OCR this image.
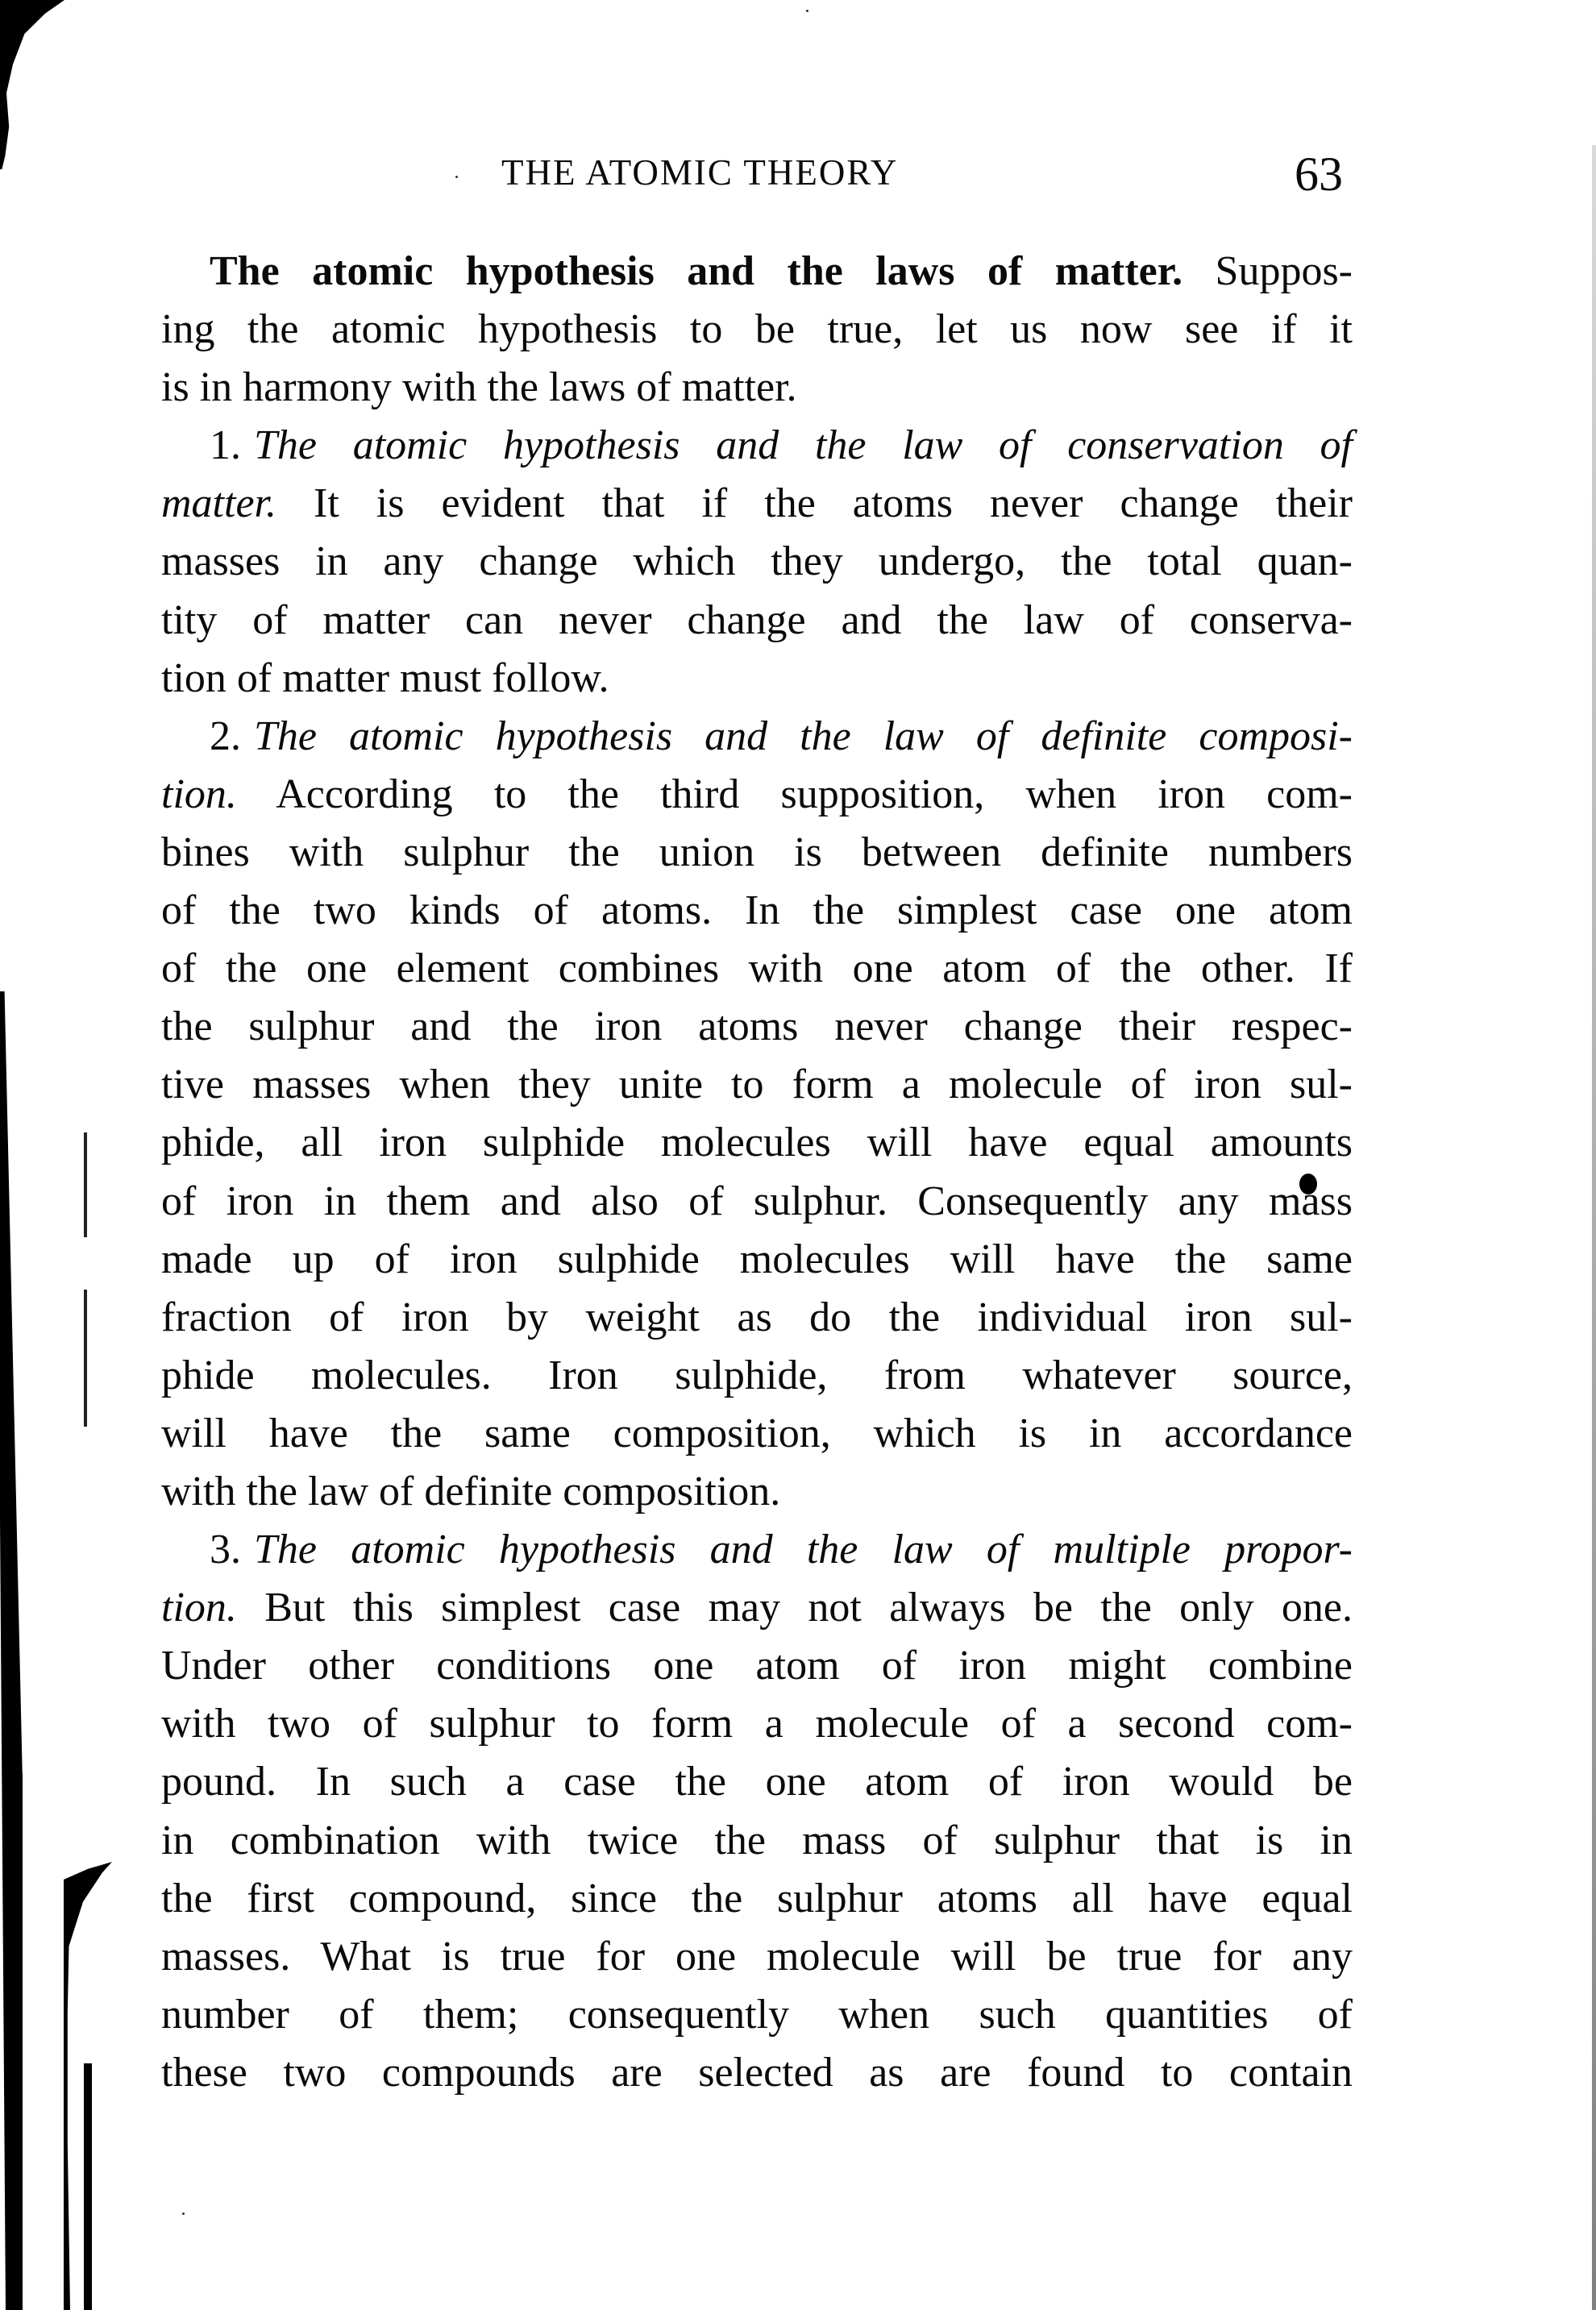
THE ATOMIC THEORY	63
The atomic hypothesis and the laws of matter. Suppos-
ing the atomic hypothesis to be true, let us now see if it
is in harmony with the laws of matter.
1. The atomic hypothesis and the law of conservation of
matter. It is evident that if the atoms never change their
masses in any change which they undergo, the total quan-
tity of matter can never change and the law of conserva-
tion of matter must follow.
2. The atomic hypothesis and the law of definite composi-
tion. According to the third supposition, when iron com-
bines with sulphur the union is between definite numbers
of the two kinds of atoms. In the simplest case one atom
of the one element combines with one atom of the other. If
the sulphur and the iron atoms never change their respec-
tive masses when they unite to form a molecule of iron sul-
phide, all iron sulphide molecules will have equal amounts
of iron in them and also of sulphur. Consequently any mass
made up of iron sulphide molecules will have the same
fraction of iron by weight as do the individual iron sul-
phide molecules. Iron sulphide, from whatever source,
will have the same composition, which is in accordance
with the law of definite composition.
3. The atomic hypothesis and the law of multiple propor-
tion. But this simplest case may not always be the only one.
Under other conditions one atom of iron might combine
with two of sulphur to form a molecule of a second com-
pound. In such a case the one atom of iron would be
in combination with twice the mass of sulphur that is in
the first compound, since the sulphur atoms all have equal
masses. What is true for one molecule will be true for any
number of them; consequently when such quantities of
these two compounds are selected as are found to contain
